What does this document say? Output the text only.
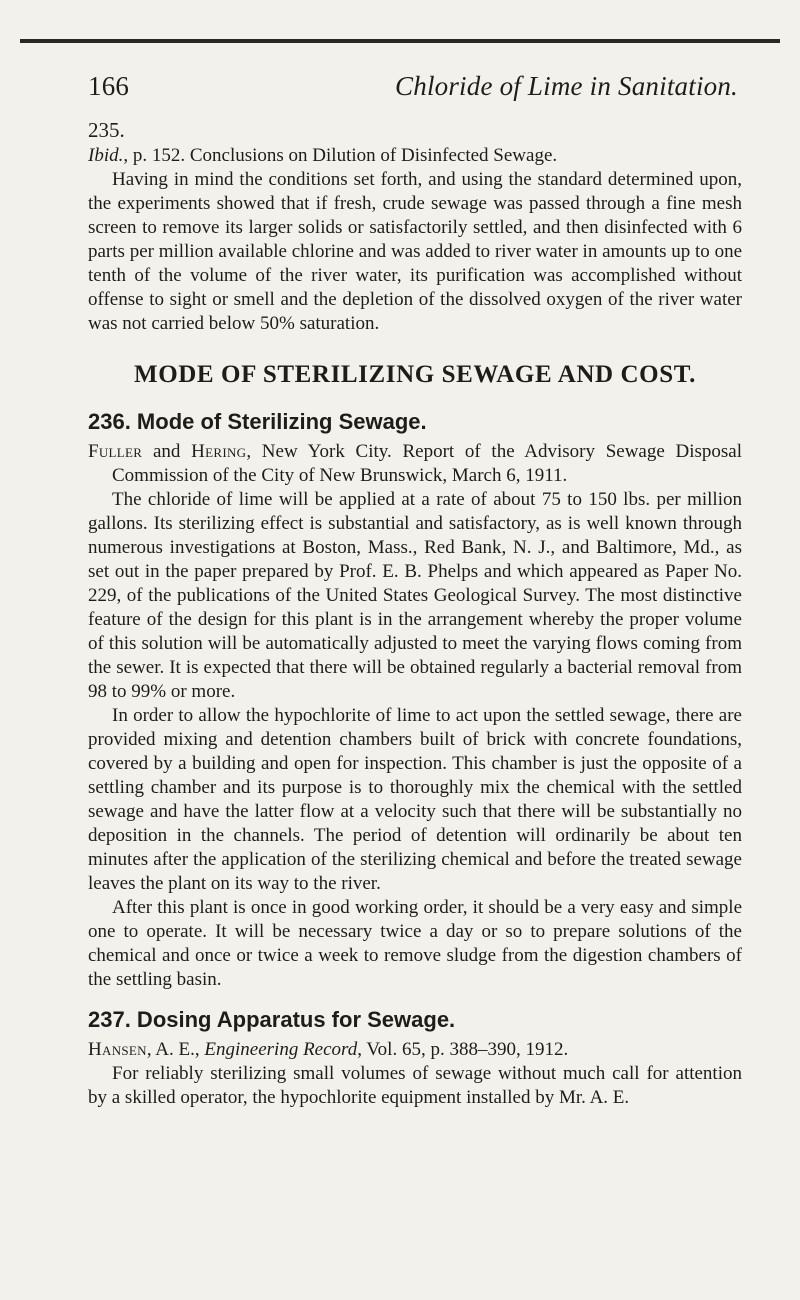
166	Chloride of Lime in Sanitation.

235.

Ibid., p. 152. Conclusions on Dilution of Disinfected Sewage.

Having in mind the conditions set forth, and using the standard determined upon, the experiments showed that if fresh, crude sewage was passed through a fine mesh screen to remove its larger solids or satisfactorily settled, and then disinfected with 6 parts per million available chlorine and was added to river water in amounts up to one tenth of the volume of the river water, its purification was accomplished without offense to sight or smell and the depletion of the dissolved oxygen of the river water was not carried below 50% saturation.

MODE OF STERILIZING SEWAGE AND COST.
236. Mode of Sterilizing Sewage.

Fuller and Hering, New York City. Report of the Advisory Sewage Disposal Commission of the City of New Brunswick, March 6, 1911.

The chloride of lime will be applied at a rate of about 75 to 150 lbs. per million gallons. Its sterilizing effect is substantial and satisfactory, as is well known through numerous investigations at Boston, Mass., Red Bank, N. J., and Baltimore, Md., as set out in the paper prepared by Prof. E. B. Phelps and which appeared as Paper No. 229, of the publications of the United States Geological Survey. The most distinctive feature of the design for this plant is in the arrangement whereby the proper volume of this solution will be automatically adjusted to meet the varying flows coming from the sewer. It is expected that there will be obtained regularly a bacterial removal from 98 to 99% or more.

In order to allow the hypochlorite of lime to act upon the settled sewage, there are provided mixing and detention chambers built of brick with concrete foundations, covered by a building and open for inspection. This chamber is just the opposite of a settling chamber and its purpose is to thoroughly mix the chemical with the settled sewage and have the latter flow at a velocity such that there will be substantially no deposition in the channels. The period of detention will ordinarily be about ten minutes after the application of the sterilizing chemical and before the treated sewage leaves the plant on its way to the river.

After this plant is once in good working order, it should be a very easy and simple one to operate. It will be necessary twice a day or so to prepare solutions of the chemical and once or twice a week to remove sludge from the digestion chambers of the settling basin.

237. Dosing Apparatus for Sewage.

Hansen, A. E., Engineering Record, Vol. 65, p. 388–390, 1912.

For reliably sterilizing small volumes of sewage without much call for attention by a skilled operator, the hypochlorite equipment installed by Mr. A. E.
